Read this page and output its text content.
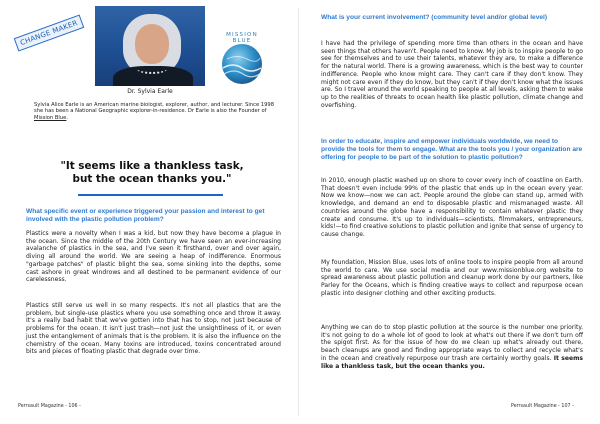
CHANGE MAKER
Dr. Sylvia Earle
MISSION BLUE
Sylvia Alice Earle is an American marine biologist, explorer, author, and lecturer. Since 1998 she has been a National Geographic explorer-in-residence. Dr Earle is also the Founder of Mission Blue.
"It seems like a thankless task, but the ocean thanks you."
What specific event or experience triggered your passion and interest to get involved with the plastic pollution problem?

Plastics were a novelty when I was a kid, but now they have become a plague in the ocean. Since the middle of the 20th Century we have seen an ever-increasing avalanche of plastics in the sea, and I've seen it firsthand, over and over again, diving all around the world. We are seeing a heap of indifference. Enormous "garbage patches" of plastic blight the sea, some sinking into the depths, some cast ashore in great windrows and all destined to be permanent evidence of our carelessness.

Plastics still serve us well in so many respects. It's not all plastics that are the problem, but single-use plastics where you use something once and throw it away. It's a really bad habit that we've gotten into that has to stop, not just because of problems for the ocean. It isn't just trash—not just the unsightliness of it, or even just the entanglement of animals that is the problem. It is also the influence on the chemistry of the ocean. Many toxins are introduced, toxins concentrated around bits and pieces of floating plastic that degrade over time.

Perrsault Magazine - 106 -
What is your current involvement? (community level and/or global level)

I have had the privilege of spending more time than others in the ocean and have seen things that others haven't. People need to know. My job is to inspire people to go see for themselves and to use their talents, whatever they are, to make a difference for the natural world. There is a growing awareness, which is the best way to counter indifference. People who know might care. They can't care if they don't know. They might not care even if they do know, but they can't if they don't know what the issues are. So I travel around the world speaking to people at all levels, asking them to wake up to the realities of threats to ocean health like plastic pollution, climate change and overfishing.

In order to educate, inspire and empower individuals worldwide, we need to provide the tools for them to engage. What are the tools you / your organization are offering for people to be part of the solution to plastic pollution?

In 2010, enough plastic washed up on shore to cover every inch of coastline on Earth. That doesn't even include 99% of the plastic that ends up in the ocean every year. Now we know—now we can act. People around the globe can stand up, armed with knowledge, and demand an end to disposable plastic and mismanaged waste. All countries around the globe have a responsibility to contain whatever plastic they create and consume. It's up to individuals—scientists, filmmakers, entrepreneurs, kids!—to find creative solutions to plastic pollution and ignite that sense of urgency to cause change.

My foundation, Mission Blue, uses lots of online tools to inspire people from all around the world to care. We use social media and our www.missionblue.org website to spread awareness about plastic pollution and cleanup work done by our partners, like Parley for the Oceans, which is finding creative ways to collect and repurpose ocean plastic into designer clothing and other exciting products.

Anything we can do to stop plastic pollution at the source is the number one priority. It's not going to do a whole lot of good to look at what's out there if we don't turn off the spigot first. As for the issue of how do we clean up what's already out there, beach cleanups are good and finding appropriate ways to collect and recycle what's in the ocean and creatively repurpose our trash are certainly worthy goals. It seems like a thankless task, but the ocean thanks you.

Perrsault Magazine - 107 -
